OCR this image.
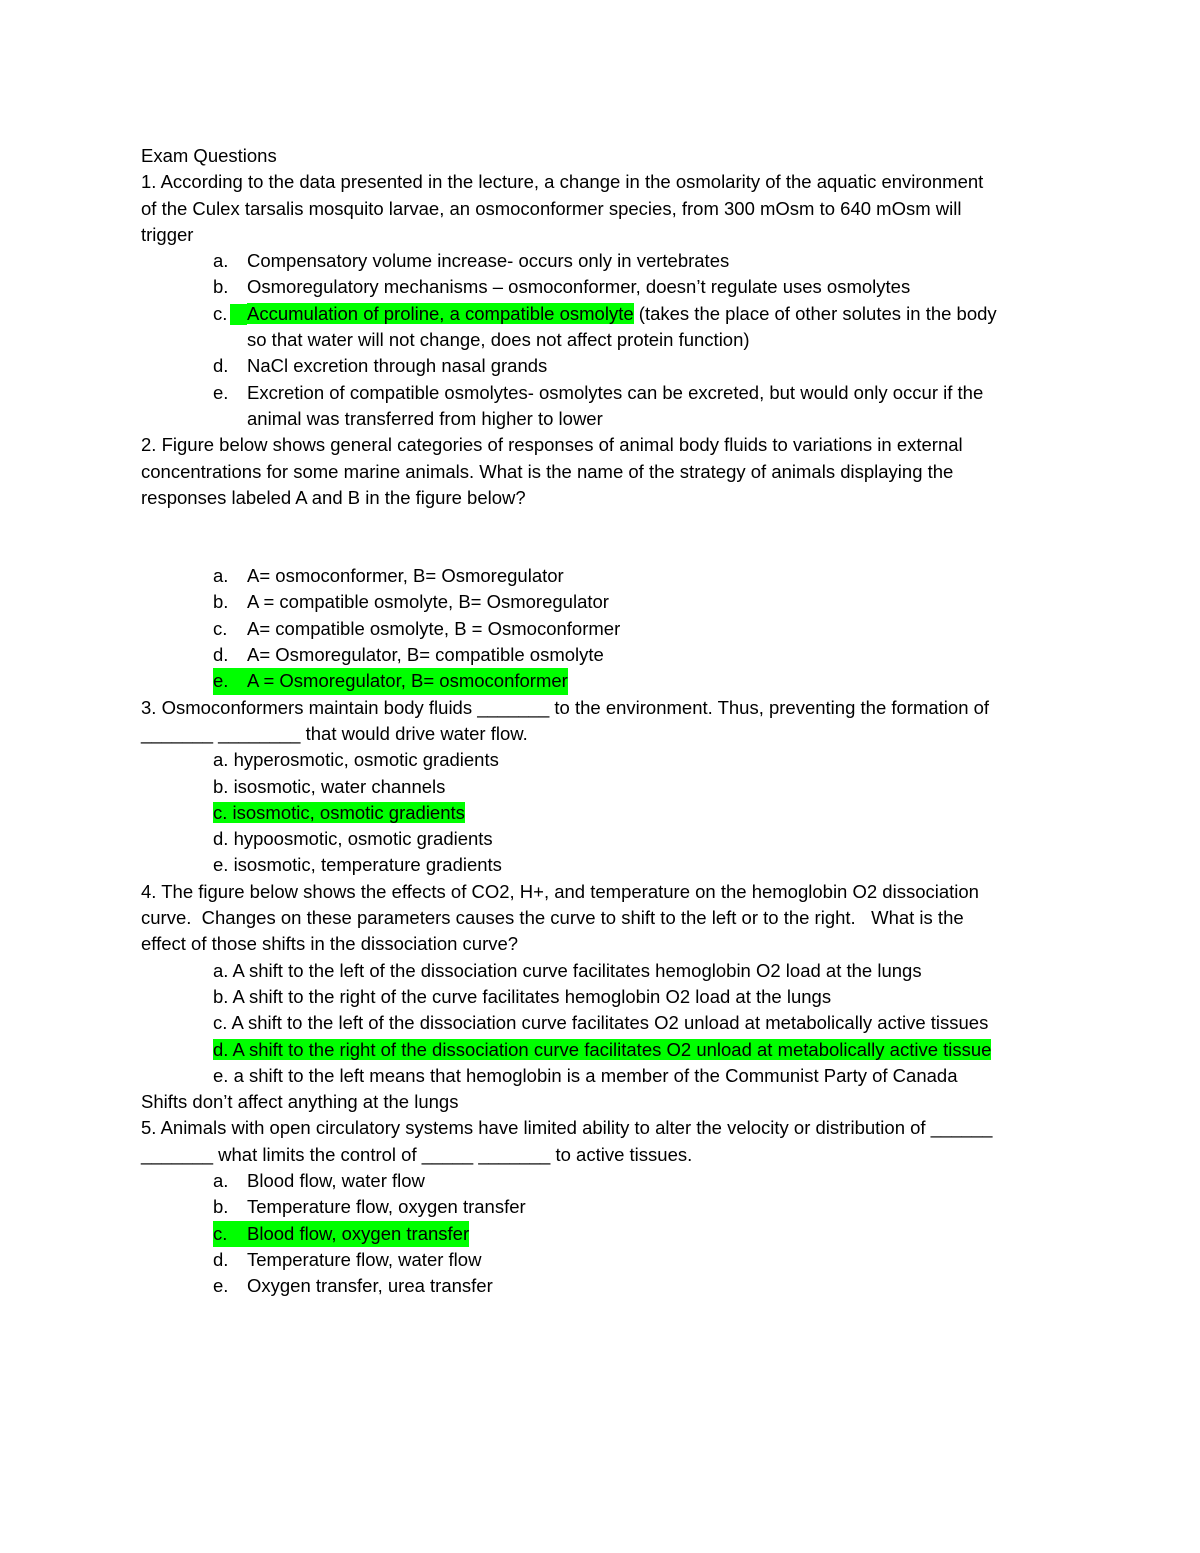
Exam Questions
1. According to the data presented in the lecture, a change in the osmolarity of the aquatic environment
of the Culex tarsalis mosquito larvae, an osmoconformer species, from 300 mOsm to 640 mOsm will
trigger
a. Compensatory volume increase- occurs only in vertebrates
b. Osmoregulatory mechanisms – osmoconformer, doesn’t regulate uses osmolytes
c. Accumulation of proline, a compatible osmolyte (takes the place of other solutes in the body
so that water will not change, does not affect protein function)
d. NaCl excretion through nasal grands
e. Excretion of compatible osmolytes- osmolytes can be excreted, but would only occur if the
animal was transferred from higher to lower
2. Figure below shows general categories of responses of animal body fluids to variations in external
concentrations for some marine animals. What is the name of the strategy of animals displaying the
responses labeled A and B in the figure below?
a. A= osmoconformer, B= Osmoregulator
b. A = compatible osmolyte, B= Osmoregulator
c. A= compatible osmolyte, B = Osmoconformer
d. A= Osmoregulator, B= compatible osmolyte
e. A = Osmoregulator, B= osmoconformer
3. Osmoconformers maintain body fluids _______ to the environment. Thus, preventing the formation of
_______ ________ that would drive water flow.
a. hyperosmotic, osmotic gradients
b. isosmotic, water channels
c. isosmotic, osmotic gradients
d. hypoosmotic, osmotic gradients
e. isosmotic, temperature gradients
4. The figure below shows the effects of CO2, H+, and temperature on the hemoglobin O2 dissociation
curve.  Changes on these parameters causes the curve to shift to the left or to the right.   What is the
effect of those shifts in the dissociation curve?
a. A shift to the left of the dissociation curve facilitates hemoglobin O2 load at the lungs
b. A shift to the right of the curve facilitates hemoglobin O2 load at the lungs
c. A shift to the left of the dissociation curve facilitates O2 unload at metabolically active tissues
d. A shift to the right of the dissociation curve facilitates O2 unload at metabolically active tissue
e. a shift to the left means that hemoglobin is a member of the Communist Party of Canada
Shifts don’t affect anything at the lungs
5. Animals with open circulatory systems have limited ability to alter the velocity or distribution of ______
_______ what limits the control of _____ _______ to active tissues.
a. Blood flow, water flow
b. Temperature flow, oxygen transfer
c. Blood flow, oxygen transfer
d. Temperature flow, water flow
e. Oxygen transfer, urea transfer
